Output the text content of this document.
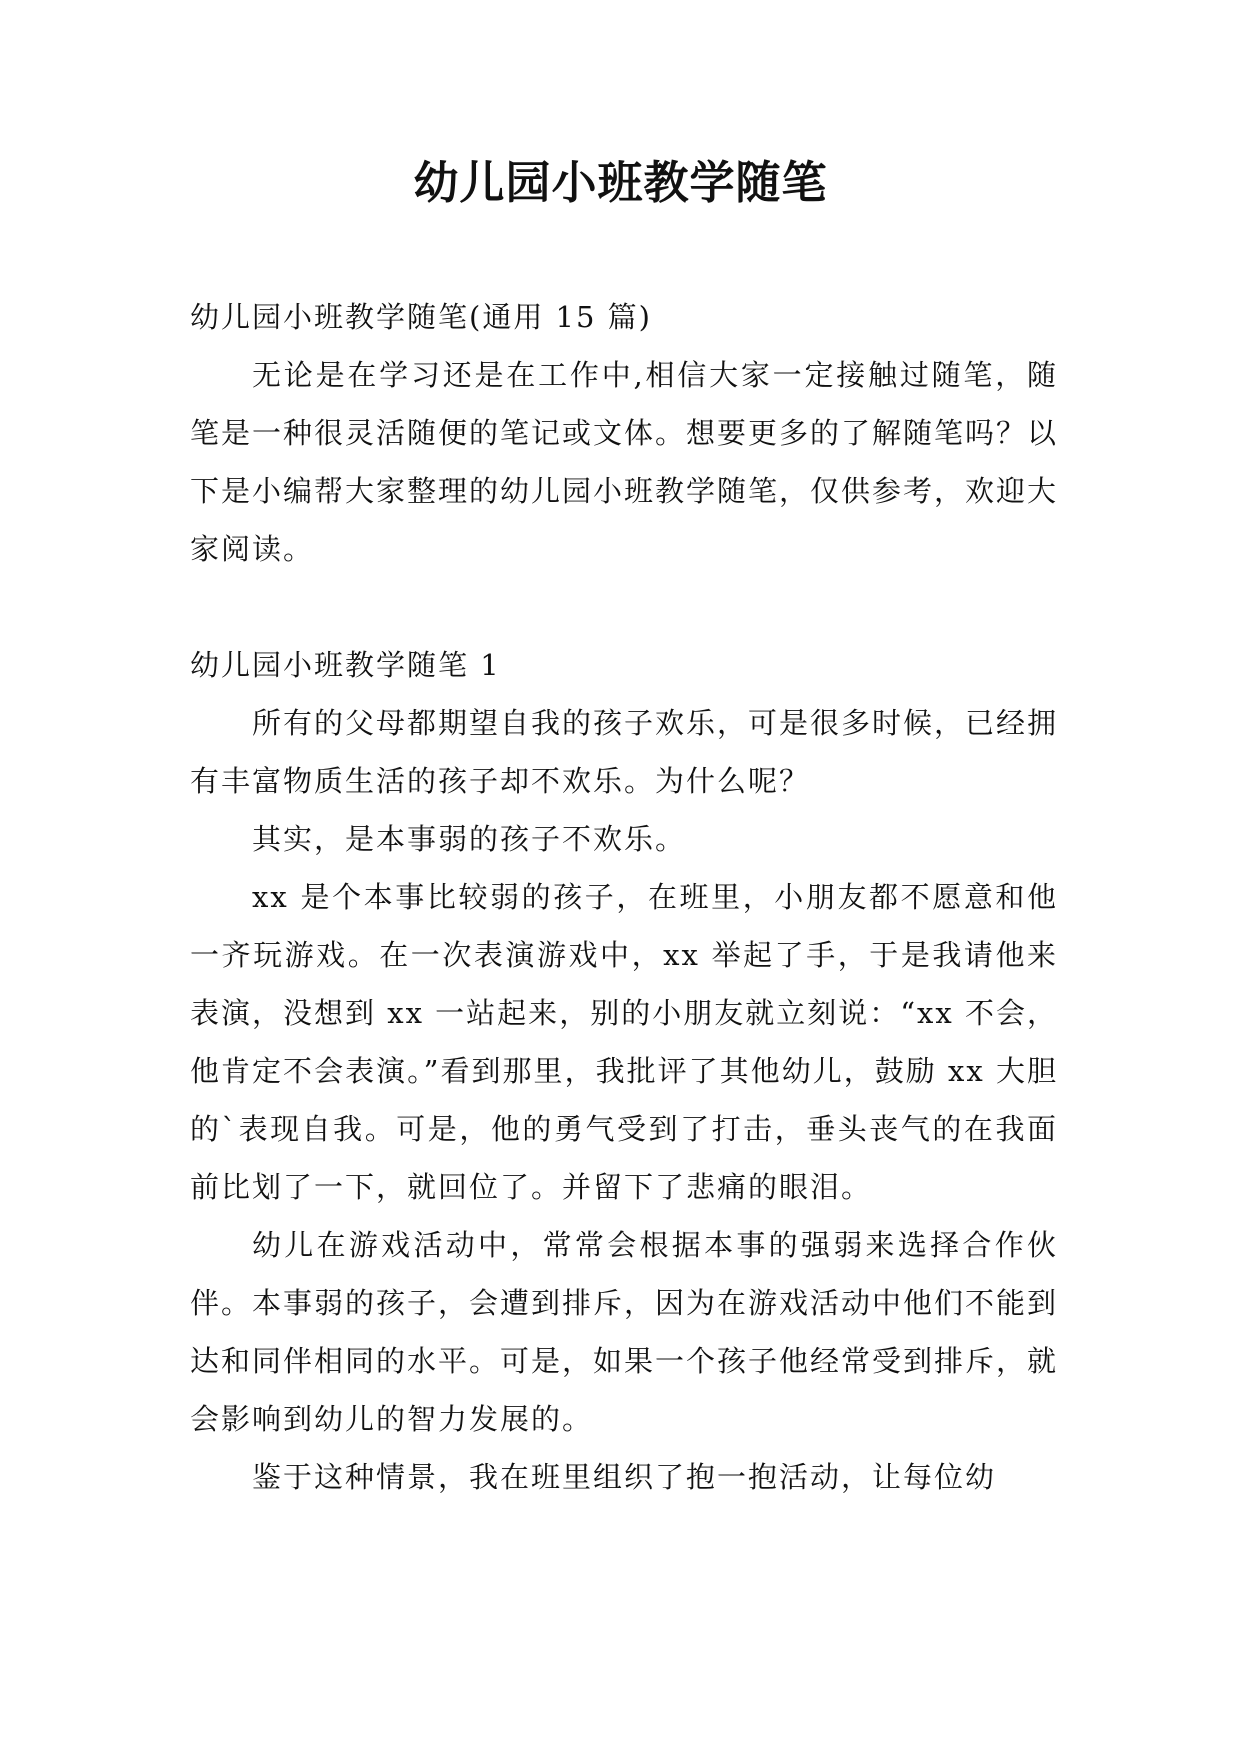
幼儿园小班教学随笔

幼儿园小班教学随笔(通用 15 篇)

无论是在学习还是在工作中,相信大家一定接触过随笔，随笔是一种很灵活随便的笔记或文体。想要更多的了解随笔吗？以下是小编帮大家整理的幼儿园小班教学随笔，仅供参考，欢迎大家阅读。

幼儿园小班教学随笔 1

所有的父母都期望自我的孩子欢乐，可是很多时候，已经拥有丰富物质生活的孩子却不欢乐。为什么呢？

其实，是本事弱的孩子不欢乐。

xx 是个本事比较弱的孩子，在班里，小朋友都不愿意和他一齐玩游戏。在一次表演游戏中，xx 举起了手，于是我请他来表演，没想到 xx 一站起来，别的小朋友就立刻说：“xx 不会，他肯定不会表演。”看到那里，我批评了其他幼儿，鼓励 xx 大胆的`表现自我。可是，他的勇气受到了打击，垂头丧气的在我面前比划了一下，就回位了。并留下了悲痛的眼泪。

幼儿在游戏活动中，常常会根据本事的强弱来选择合作伙伴。本事弱的孩子，会遭到排斥，因为在游戏活动中他们不能到达和同伴相同的水平。可是，如果一个孩子他经常受到排斥，就会影响到幼儿的智力发展的。

鉴于这种情景，我在班里组织了抱一抱活动，让每位幼
